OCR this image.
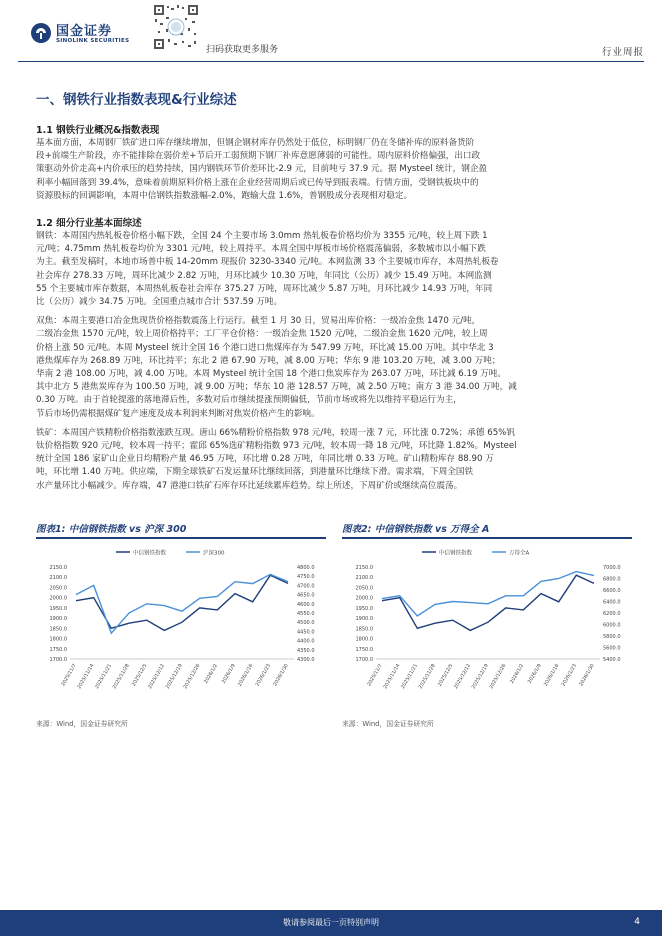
国金证券
SINOLINK SECURITIES
扫码获取更多服务	行业周报
一、钢铁行业指数表现&行业综述
1.1 钢铁行业概况&指数表现
基本面方面，本周钢厂铁矿进口库存继续增加，但钢企钢材库存仍然处于低位，标明钢厂仍在冬储补库的原料备货阶
段+前端生产阶段，亦不能排除在弱价差+节后开工弱预期下钢厂补库意愿薄弱的可能性。周内原料价格偏强，出口政
策驱动外价走高+内价承压的趋势持续，国内钢铁环节价差环比-2.9 元，目前吨亏 37.9 元。据 Mysteel 统计，钢企盈
利率小幅回落到 39.4%，意味着前期原料价格上涨在企业经营周期后或已传导到报表端。行情方面，受钢铁板块中的
资源股标的回调影响，本周中信钢铁指数涨幅-2.0%，跑输大盘 1.6%，普钢股成分表现相对稳定。
1.2 细分行业基本面综述
钢铁：本周国内热轧板卷价格小幅下跌，全国 24 个主要市场 3.0mm 热轧板卷价格均价为 3355 元/吨，较上周下跌 1
元/吨；4.75mm 热轧板卷均价为 3301 元/吨，较上周持平。本周全国中厚板市场价格震荡偏弱，多数城市以小幅下跌
为主。截至发稿时，本地市场普中板 14-20mm 现报价 3230-3340 元/吨。本网监测 33 个主要城市库存，本周热轧板卷
社会库存 278.33 万吨，周环比减少 2.82 万吨，月环比减少 10.30 万吨，年同比（公历）减少 15.49 万吨。本网监测
55 个主要城市库存数据，本周热轧板卷社会库存 375.27 万吨，周环比减少 5.87 万吨，月环比减少 14.93 万吨，年同
比（公历）减少 34.75 万吨。全国重点城市合计 537.59 万吨。
双焦：本周主要港口冶金焦现货价格指数震荡上行运行。截至 1 月 30 日，贸易出库价格：一级冶金焦 1470 元/吨，
二级冶金焦 1570 元/吨，较上周价格持平；工厂平仓价格：一级冶金焦 1520 元/吨，二级冶金焦 1620 元/吨，较上周
价格上涨 50 元/吨。本周 Mysteel 统计全国 16 个港口进口焦煤库存为 547.99 万吨，环比减 15.00 万吨。其中华北 3
港焦煤库存为 268.89 万吨，环比持平；东北 2 港 67.90 万吨，减 8.00 万吨；华东 9 港 103.20 万吨，减 3.00 万吨；
华南 2 港 108.00 万吨，减 4.00 万吨。本周 Mysteel 统计全国 18 个港口焦炭库存为 263.07 万吨，环比减 6.19 万吨。
其中北方 5 港焦炭库存为 100.50 万吨，减 9.00 万吨；华东 10 港 128.57 万吨，减 2.50 万吨；南方 3 港 34.00 万吨，减
0.30 万吨。由于首轮提涨的落地滞后性，多数对后市继续提涨预期偏低，节前市场或将先以维持平稳运行为主，
节后市场仍需根据煤矿复产速度及成本利润来判断对焦炭价格产生的影响。
铁矿：本周国产铁精粉价格指数涨跌互现。唐山 66%精粉价格指数 978 元/吨，较周一涨 7 元，环比涨 0.72%；承德 65%钒
钛价格指数 920 元/吨，较本周一持平；霍邱 65%选矿精粉指数 973 元/吨，较本周一降 18 元/吨，环比降 1.82%。Mysteel
统计全国 186 家矿山企业日均精粉产量 46.95 万吨，环比增 0.28 万吨，年同比增 0.33 万吨。矿山精粉库存 88.90 万
吨，环比增 1.40 万吨。供应端，下期全球铁矿石发运量环比继续回落，到港量环比继续下滑。需求端，下周全国铁
水产量环比小幅减少。库存端，47 港港口铁矿石库存环比延续累库趋势。综上所述，下周矿价或继续高位震荡。
图表1: 中信钢铁指数 vs 沪深 300	图表2: 中信钢铁指数 vs 万得全 A
中信钢铁指数	沪深300
2150.0
2100.0
2050.0
2000.0
1950.0
1900.0
1850.0
1800.0
1750.0
1700.0
4800.0
4750.0
4700.0
4650.0
4600.0
4550.0
4500.0
4450.0
4400.0
4350.0
4300.0
2025/11/7 2025/11/14 2025/11/21 2025/11/28 2025/12/5 2025/12/12 2025/12/19 2025/12/26 2026/1/2 2026/1/9 2026/1/16 2026/1/23 2026/1/30
中信钢铁指数	万得全A
2150.0
2100.0
2050.0
2000.0
1950.0
1900.0
1850.0
1800.0
1750.0
1700.0
7000.0
6800.0
6600.0
6400.0
6200.0
6000.0
5800.0
5600.0
5400.0
2025/11/7 2025/11/14 2025/11/21 2025/11/28 2025/12/5 2025/12/12 2025/12/19 2025/12/26 2026/1/2 2026/1/9 2026/1/16 2026/1/23 2026/1/30
来源：Wind，国金证券研究所	来源：Wind，国金证券研究所
敬请参阅最后一页特别声明	4
